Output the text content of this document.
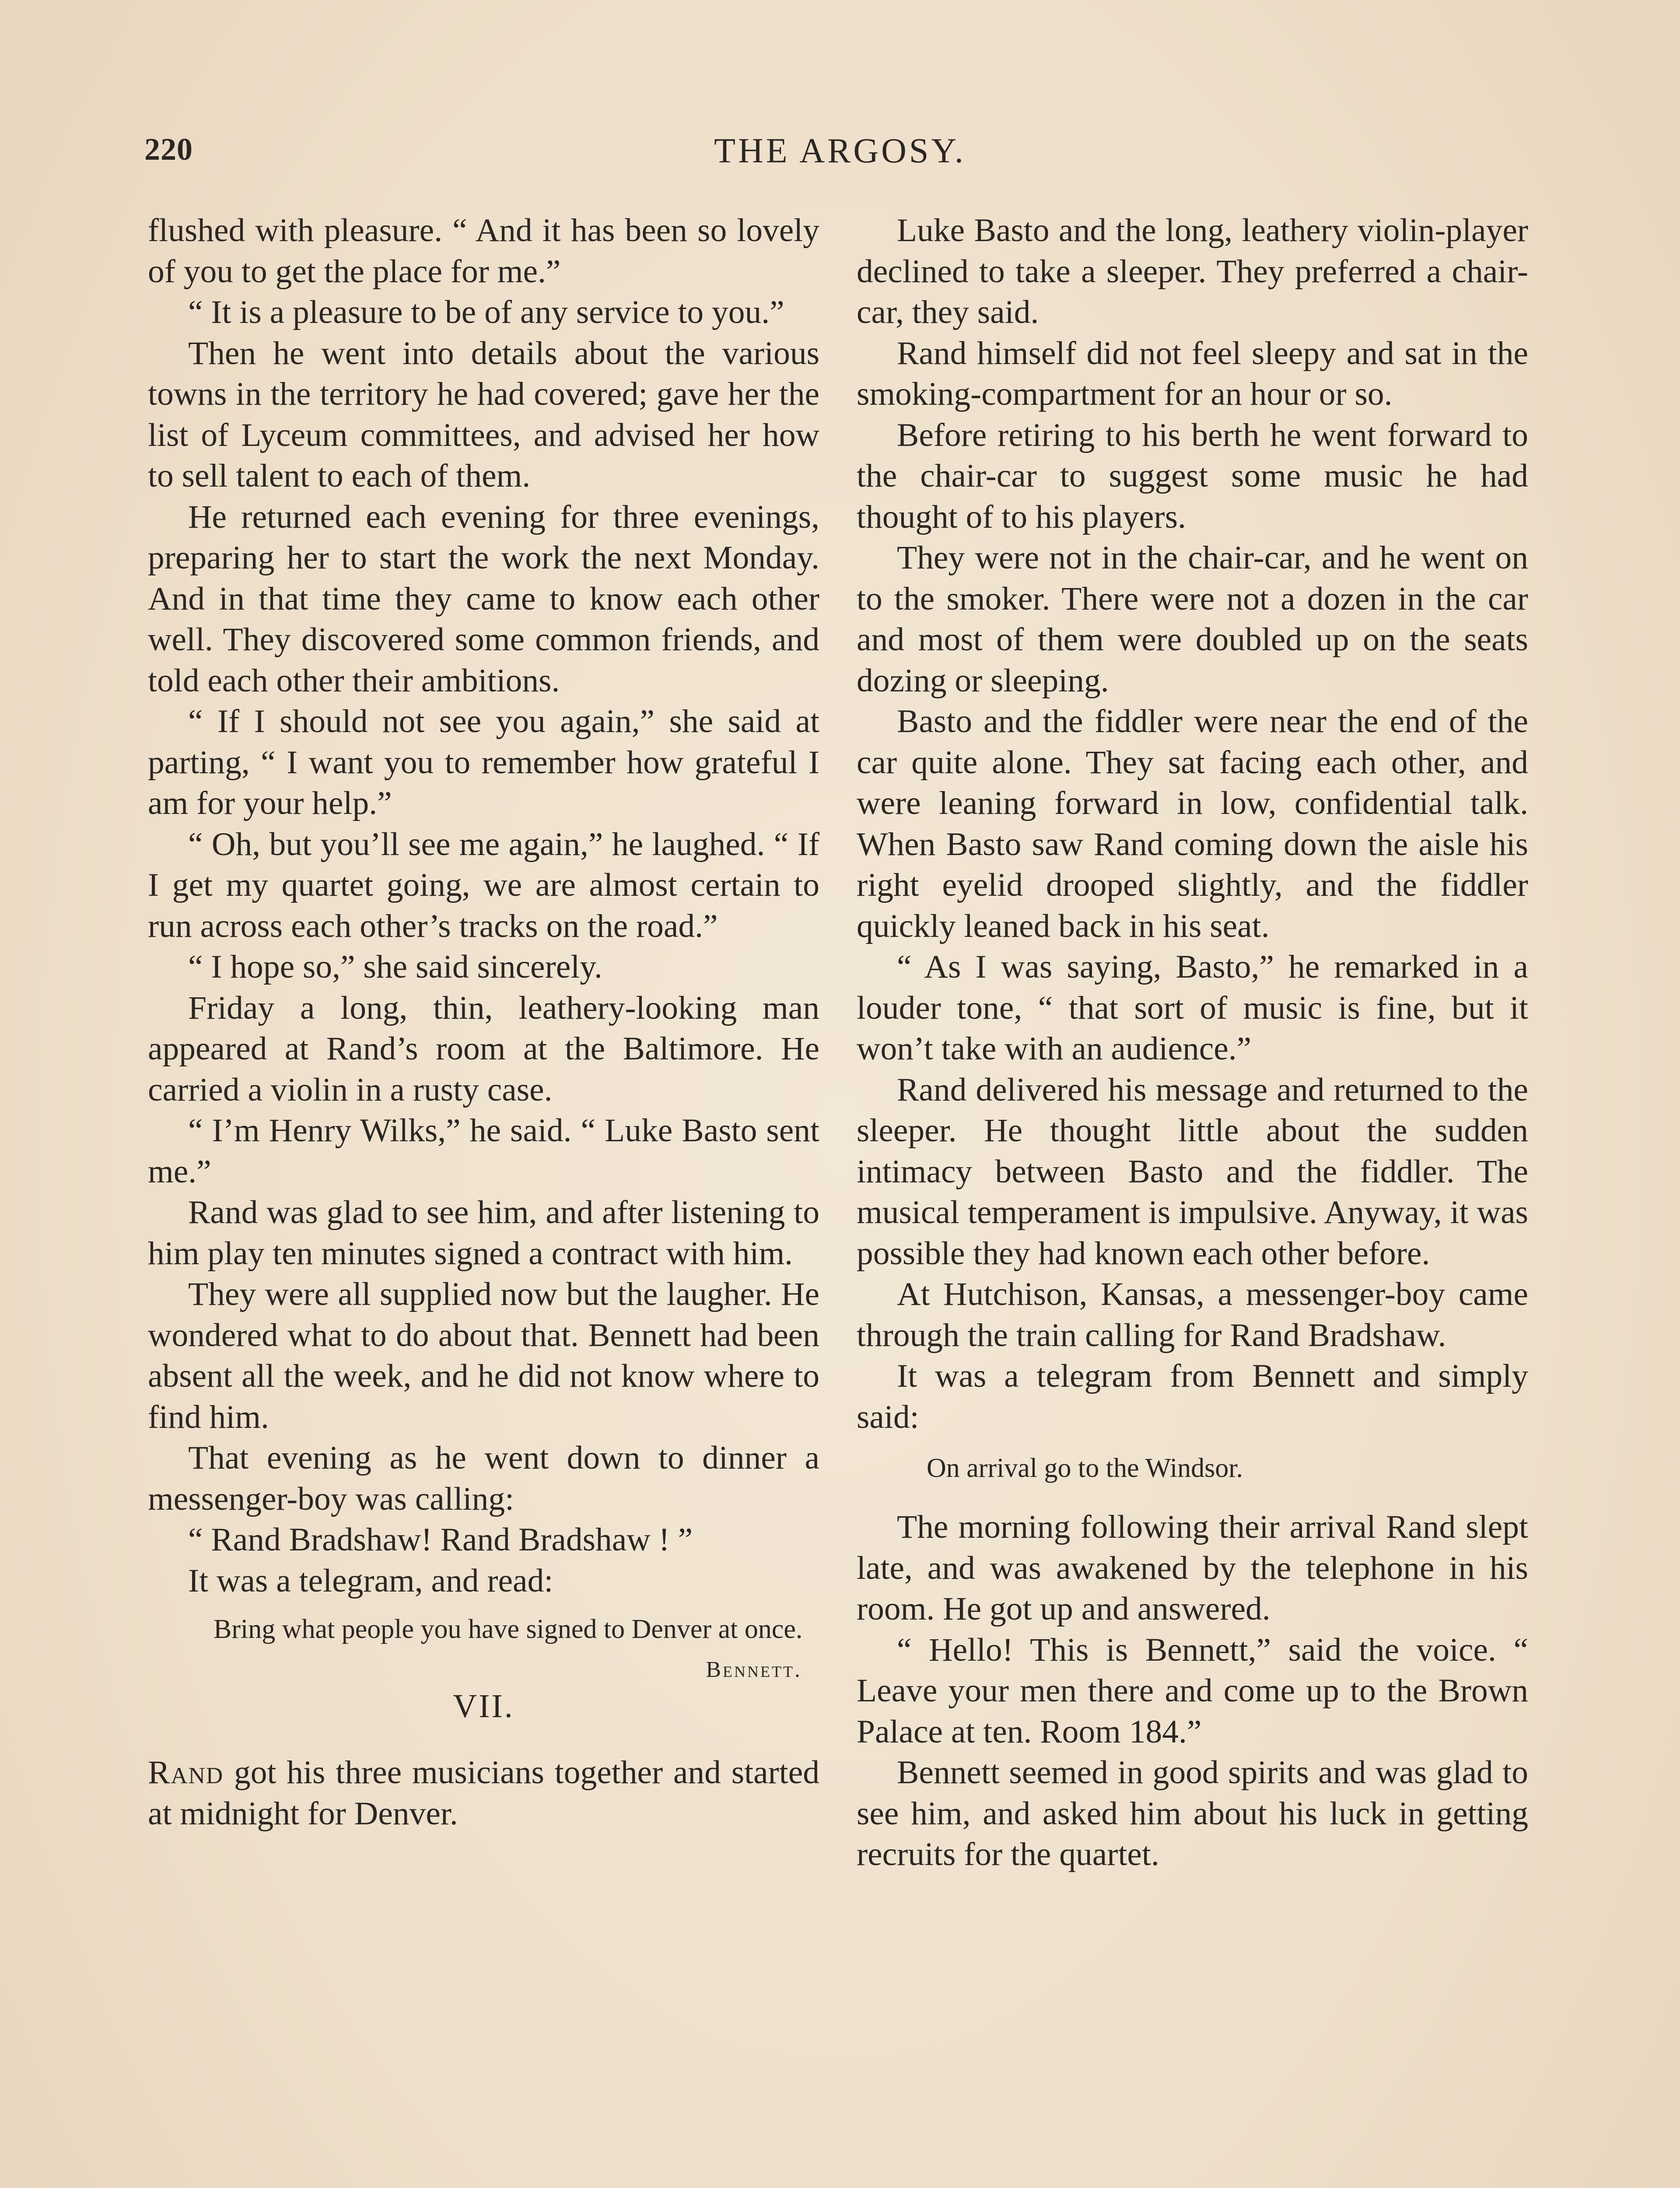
220	THE ARGOSY.

flushed with pleasure. “ And it has been so lovely of you to get the place for me.”

“ It is a pleasure to be of any service to you.”

Then he went into details about the various towns in the territory he had covered; gave her the list of Lyceum committees, and advised her how to sell talent to each of them.

He returned each evening for three evenings, preparing her to start the work the next Monday. And in that time they came to know each other well. They discovered some common friends, and told each other their ambitions.

“ If I should not see you again,” she said at parting, “ I want you to remember how grateful I am for your help.”

“ Oh, but you’ll see me again,” he laughed. “ If I get my quartet going, we are almost certain to run across each other’s tracks on the road.”

“ I hope so,” she said sincerely.

Friday a long, thin, leathery-looking man appeared at Rand’s room at the Baltimore. He carried a violin in a rusty case.

“ I’m Henry Wilks,” he said. “ Luke Basto sent me.”

Rand was glad to see him, and after listening to him play ten minutes signed a contract with him.

They were all supplied now but the laugher. He wondered what to do about that. Bennett had been absent all the week, and he did not know where to find him.

That evening as he went down to dinner a messenger-boy was calling:

“ Rand Bradshaw! Rand Bradshaw ! ”

It was a telegram, and read:

Bring what people you have signed to Denver at once.

Bennett.

VII.

Rand got his three musicians together and started at midnight for Denver.

Luke Basto and the long, leathery violin-player declined to take a sleeper. They preferred a chair-car, they said.

Rand himself did not feel sleepy and sat in the smoking-compartment for an hour or so.

Before retiring to his berth he went forward to the chair-car to suggest some music he had thought of to his players.

They were not in the chair-car, and he went on to the smoker. There were not a dozen in the car and most of them were doubled up on the seats dozing or sleeping.

Basto and the fiddler were near the end of the car quite alone. They sat facing each other, and were leaning forward in low, confidential talk. When Basto saw Rand coming down the aisle his right eyelid drooped slightly, and the fiddler quickly leaned back in his seat.

“ As I was saying, Basto,” he remarked in a louder tone, “ that sort of music is fine, but it won’t take with an audience.”

Rand delivered his message and returned to the sleeper. He thought little about the sudden intimacy between Basto and the fiddler. The musical temperament is impulsive. Anyway, it was possible they had known each other before.

At Hutchison, Kansas, a messenger-boy came through the train calling for Rand Bradshaw.

It was a telegram from Bennett and simply said:

On arrival go to the Windsor.

The morning following their arrival Rand slept late, and was awakened by the telephone in his room. He got up and answered.

“ Hello! This is Bennett,” said the voice. “ Leave your men there and come up to the Brown Palace at ten. Room 184.”

Bennett seemed in good spirits and was glad to see him, and asked him about his luck in getting recruits for the quartet.
